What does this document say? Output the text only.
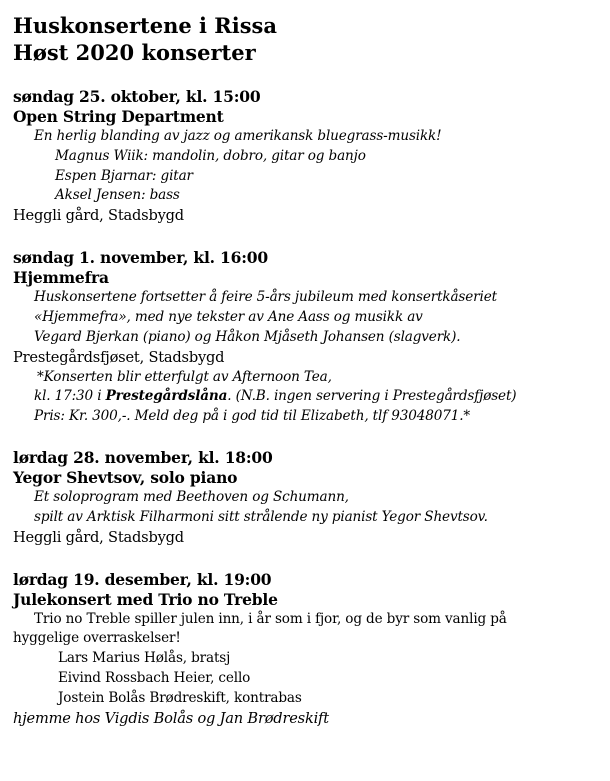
Huskonsertene i Rissa
Høst 2020 konserter
søndag 25. oktober, kl. 15:00
Open String Department
En herlig blanding av jazz og amerikansk bluegrass-musikk!
Magnus Wiik: mandolin, dobro, gitar og banjo
Espen Bjarnar: gitar
Aksel Jensen: bass
Heggli gård, Stadsbygd
søndag 1. november, kl. 16:00
Hjemmefra
Huskonsertene fortsetter å feire 5-års jubileum med konsertkåseriet
«Hjemmefra», med nye tekster av Ane Aass og musikk av
Vegard Bjerkan (piano) og Håkon Mjåseth Johansen (slagverk).
Prestegårdsfjøset, Stadsbygd
*Konserten blir etterfulgt av Afternoon Tea,
kl. 17:30 i Prestegårdslåna. (N.B. ingen servering i Prestegårdsfjøset)
Pris: Kr. 300,-. Meld deg på i god tid til Elizabeth, tlf 93048071.*
lørdag 28. november, kl. 18:00
Yegor Shevtsov, solo piano
Et soloprogram med Beethoven og Schumann,
spilt av Arktisk Filharmoni sitt strålende ny pianist Yegor Shevtsov.
Heggli gård, Stadsbygd
lørdag 19. desember, kl. 19:00
Julekonsert med Trio no Treble
Trio no Treble spiller julen inn, i år som i fjor, og de byr som vanlig på
hyggelige overraskelser!
Lars Marius Hølås, bratsj
Eivind Rossbach Heier, cello
Jostein Bolås Brødreskift, kontrabas
hjemme hos Vigdis Bolås og Jan Brødreskift
